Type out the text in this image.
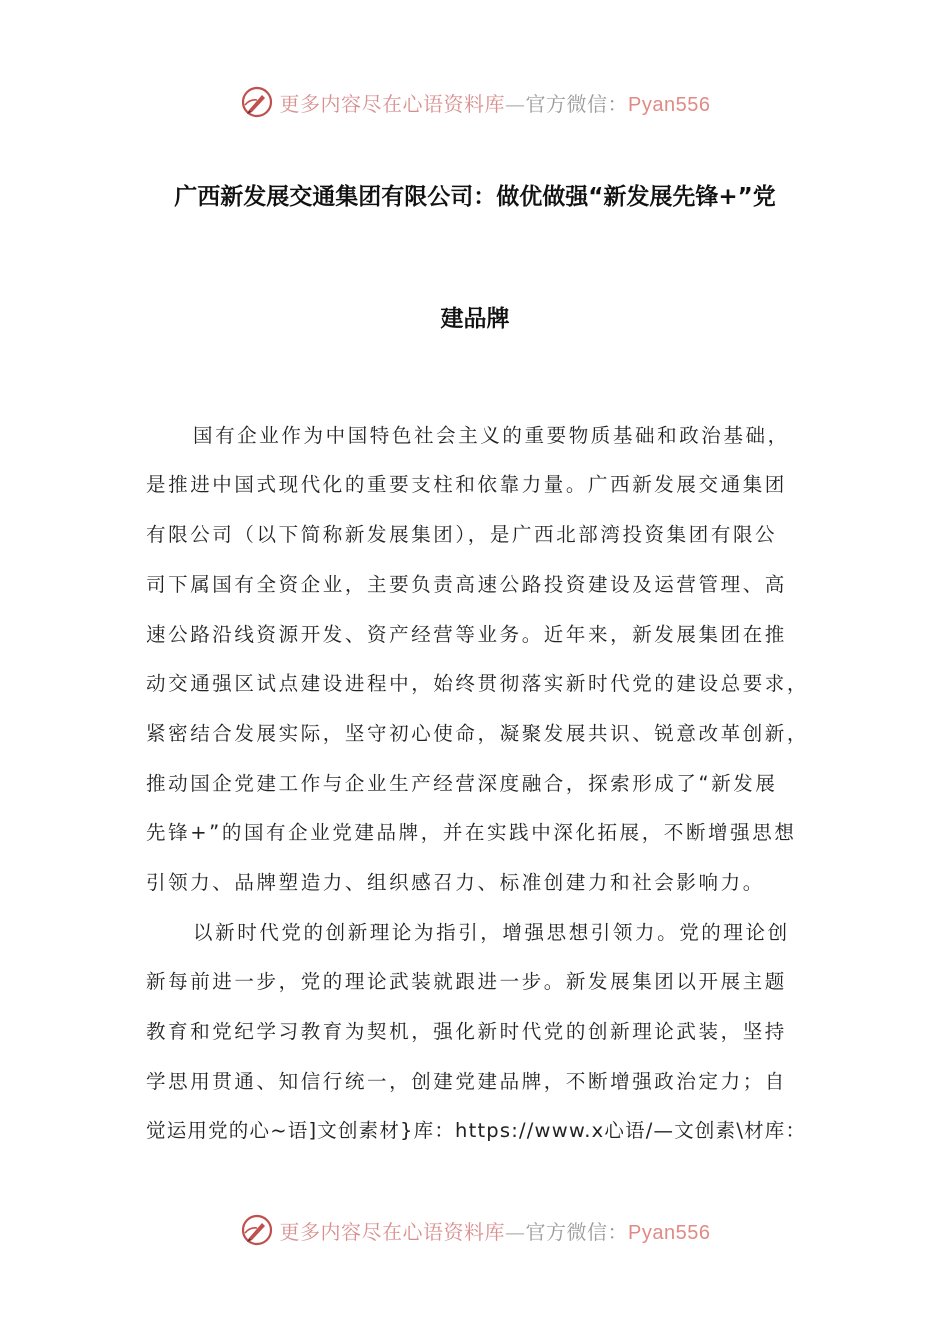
更多内容尽在心语资料库—官方微信：Pyan556
广西新发展交通集团有限公司：做优做强“新发展先锋+”党
建品牌
国有企业作为中国特色社会主义的重要物质基础和政治基础，
是推进中国式现代化的重要支柱和依靠力量。广西新发展交通集团
有限公司（以下简称新发展集团），是广西北部湾投资集团有限公
司下属国有全资企业，主要负责高速公路投资建设及运营管理、高
速公路沿线资源开发、资产经营等业务。近年来，新发展集团在推
动交通强区试点建设进程中，始终贯彻落实新时代党的建设总要求，
紧密结合发展实际，坚守初心使命，凝聚发展共识、锐意改革创新，
推动国企党建工作与企业生产经营深度融合，探索形成了“新发展
先锋+”的国有企业党建品牌，并在实践中深化拓展，不断增强思想
引领力、品牌塑造力、组织感召力、标准创建力和社会影响力。
以新时代党的创新理论为指引，增强思想引领力。党的理论创
新每前进一步，党的理论武装就跟进一步。新发展集团以开展主题
教育和党纪学习教育为契机，强化新时代党的创新理论武装，坚持
学思用贯通、知信行统一，创建党建品牌，不断增强政治定力；自
觉运用党的心~语]文创素材}库：https://www.x心语/—文创素\材库：
更多内容尽在心语资料库—官方微信：Pyan556
